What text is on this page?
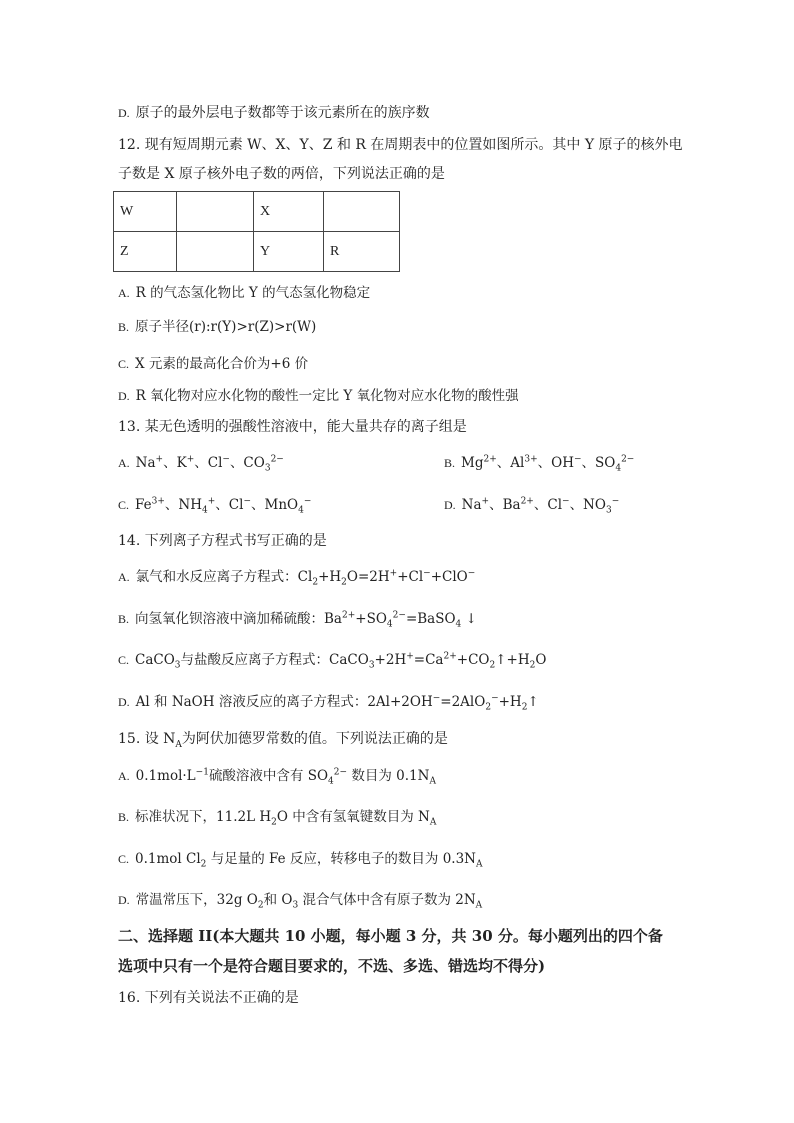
D. 原子的最外层电子数都等于该元素所在的族序数
12. 现有短周期元素 W、X、Y、Z 和 R 在周期表中的位置如图所示。其中 Y 原子的核外电
子数是 X 原子核外电子数的两倍，下列说法正确的是
W		X	
Z		Y	R
A. R 的气态氢化物比 Y 的气态氢化物稳定
B. 原子半径(r):r(Y)>r(Z)>r(W)
C. X 元素的最高化合价为+6 价
D. R 氧化物对应水化物的酸性一定比 Y 氧化物对应水化物的酸性强
13. 某无色透明的强酸性溶液中，能大量共存的离子组是
A. Na+、K+、Cl−、$CO_3^{2-}$	B. $Mg^{2+}$、$Al^{3+}$、OH−、$SO_4^{2-}$
C. $Fe^{3+}$、$NH_4^+$、Cl−、MnO$_4$−	D. Na+、$Ba^{2+}$、Cl−、$NO_3^-$
14. 下列离子方程式书写正确的是
A. 氯气和水反应离子方程式：$Cl_2+H_2O=2H^++Cl^-+ClO^-$
B. 向氢氧化钡溶液中滴加稀硫酸：$Ba^{2+}+SO_4^{2-}=BaSO_4$ ↓
C. CaCO$_3$与盐酸反应离子方程式：$CaCO_3+2H^+=Ca^{2+}+CO_2↑+H_2O$
D. Al 和 NaOH 溶液反应的离子方程式：$2Al+2OH^-=2AlO_2^-+H_2↑$
15. 设 $N_A$为阿伏加德罗常数的值。下列说法正确的是
A. $0.1mol\cdot L^{-1}$硫酸溶液中含有 $SO_4^{2-}$ 数目为 $0.1N_A$
B. 标准状况下，11.2L $H_2O$ 中含有氢氧键数目为 $N_A$
C. 0.1mol $Cl_2$ 与足量的 Fe 反应，转移电子的数目为 $0.3N_A$
D. 常温常压下，32g $O_2$和 $O_3$ 混合气体中含有原子数为 $2N_A$
二、选择题 II(本大题共 10 小题，每小题 3 分，共 30 分。每小题列出的四个备
选项中只有一个是符合题目要求的，不选、多选、错选均不得分)
16. 下列有关说法不正确的是
